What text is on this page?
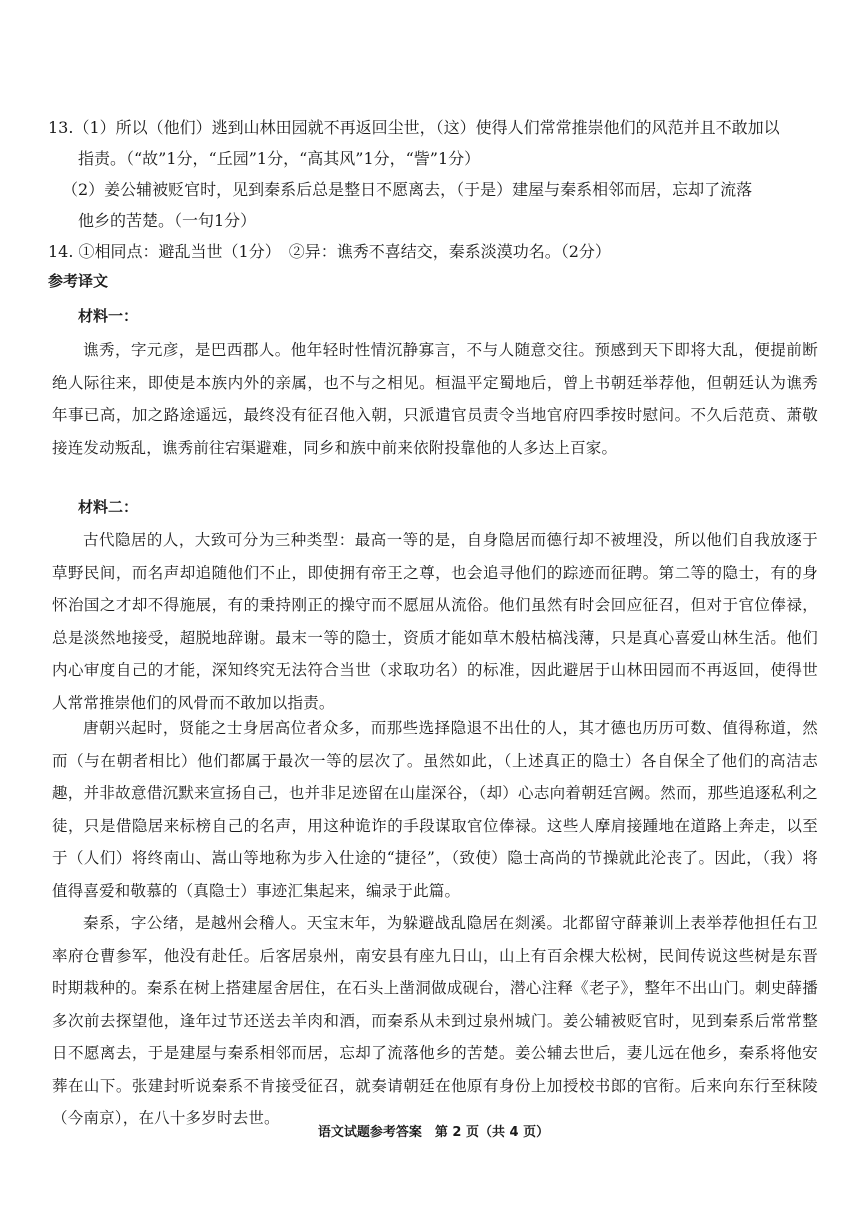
13.（1）所以（他们）逃到山林田园就不再返回尘世，（这）使得人们常常推崇他们的风范并且不敢加以

指责。（“故”1分，“丘园”1分，“高其风”1分，“訾”1分）

（2）姜公辅被贬官时，见到秦系后总是整日不愿离去，（于是）建屋与秦系相邻而居，忘却了流落

他乡的苦楚。（一句1分）

14. ①相同点：避乱当世（1分）　②异：谯秀不喜结交，秦系淡漠功名。（2分）

参考译文

材料一：

谯秀，字元彦，是巴西郡人。他年轻时性情沉静寡言，不与人随意交往。预感到天下即将大乱，便提前断绝人际往来，即使是本族内外的亲属，也不与之相见。桓温平定蜀地后，曾上书朝廷举荐他，但朝廷认为谯秀年事已高，加之路途遥远，最终没有征召他入朝，只派遣官员责令当地官府四季按时慰问。不久后范贲、萧敬接连发动叛乱，谯秀前往宕渠避难，同乡和族中前来依附投靠他的人多达上百家。

材料二：

古代隐居的人，大致可分为三种类型：最高一等的是，自身隐居而德行却不被埋没，所以他们自我放逐于草野民间，而名声却追随他们不止，即使拥有帝王之尊，也会追寻他们的踪迹而征聘。第二等的隐士，有的身怀治国之才却不得施展，有的秉持刚正的操守而不愿屈从流俗。他们虽然有时会回应征召，但对于官位俸禄，总是淡然地接受，超脱地辞谢。最末一等的隐士，资质才能如草木般枯槁浅薄，只是真心喜爱山林生活。他们内心审度自己的才能，深知终究无法符合当世（求取功名）的标准，因此避居于山林田园而不再返回，使得世人常常推崇他们的风骨而不敢加以指责。

唐朝兴起时，贤能之士身居高位者众多，而那些选择隐退不出仕的人，其才德也历历可数、值得称道，然而（与在朝者相比）他们都属于最次一等的层次了。虽然如此，（上述真正的隐士）各自保全了他们的高洁志趣，并非故意借沉默来宣扬自己，也并非足迹留在山崖深谷，（却）心志向着朝廷宫阙。然而，那些追逐私利之徒，只是借隐居来标榜自己的名声，用这种诡诈的手段谋取官位俸禄。这些人摩肩接踵地在道路上奔走，以至于（人们）将终南山、嵩山等地称为步入仕途的“捷径”，（致使）隐士高尚的节操就此沦丧了。因此，（我）将值得喜爱和敬慕的（真隐士）事迹汇集起来，编录于此篇。

秦系，字公绪，是越州会稽人。天宝末年，为躲避战乱隐居在剡溪。北都留守薛兼训上表举荐他担任右卫率府仓曹参军，他没有赴任。后客居泉州，南安县有座九日山，山上有百余棵大松树，民间传说这些树是东晋时期栽种的。秦系在树上搭建屋舍居住，在石头上凿洞做成砚台，潜心注释《老子》，整年不出山门。刺史薛播多次前去探望他，逢年过节还送去羊肉和酒，而秦系从未到过泉州城门。姜公辅被贬官时，见到秦系后常常整日不愿离去，于是建屋与秦系相邻而居，忘却了流落他乡的苦楚。姜公辅去世后，妻儿远在他乡，秦系将他安葬在山下。张建封听说秦系不肯接受征召，就奏请朝廷在他原有身份上加授校书郎的官衔。后来向东行至秣陵（今南京），在八十多岁时去世。

语文试题参考答案　第 2 页（共 4 页）
